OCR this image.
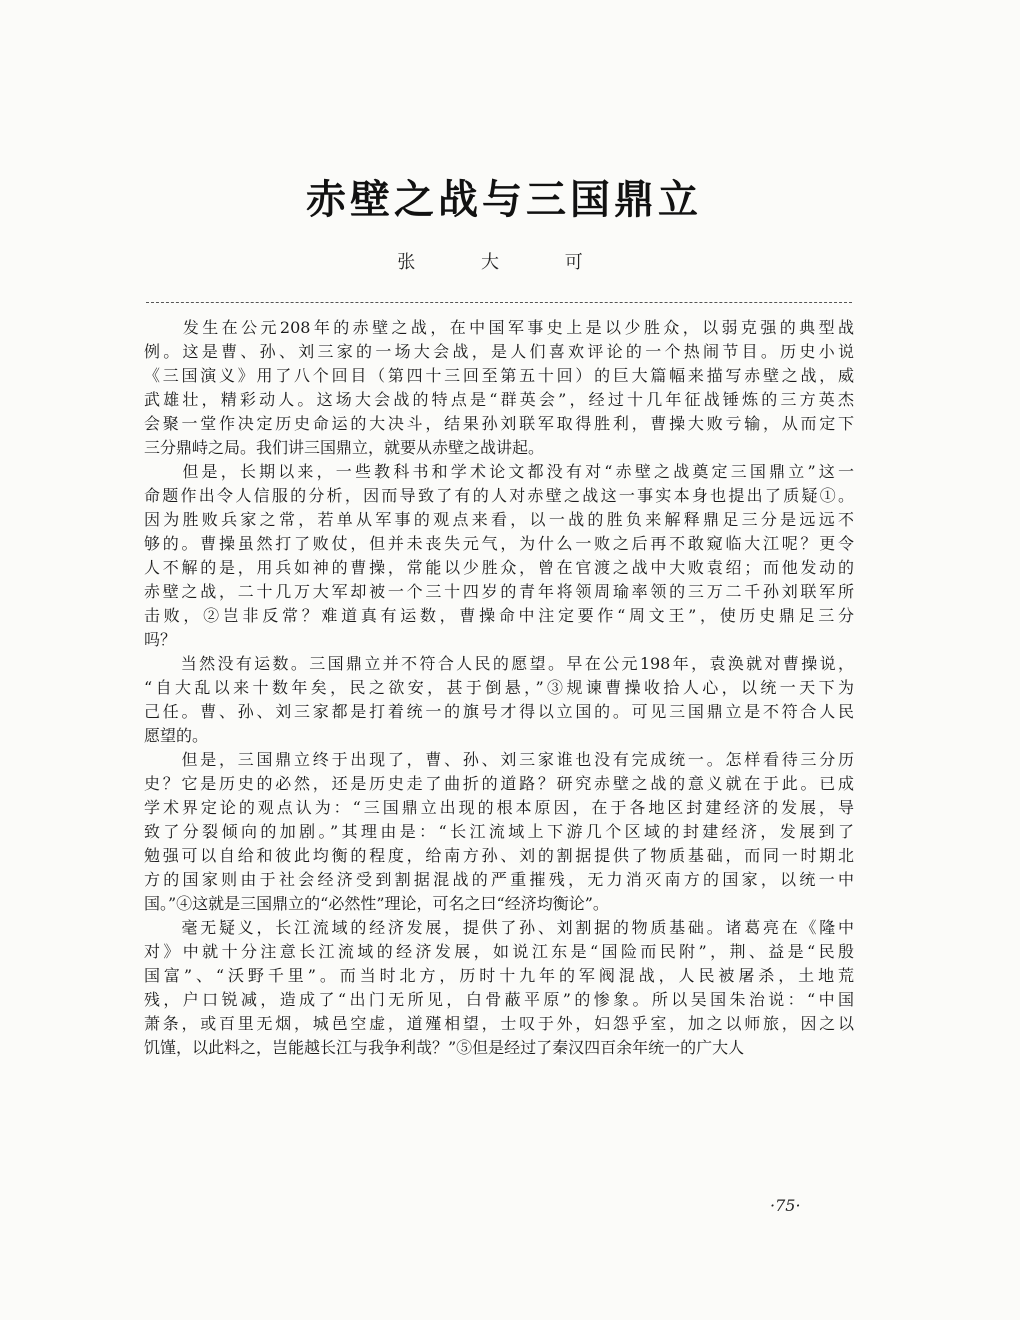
赤壁之战与三国鼎立
张 大 可
　　发生在公元208年的赤壁之战，在中国军事史上是以少胜众，以弱克强的典型战
例。这是曹、孙、刘三家的一场大会战，是人们喜欢评论的一个热闹节目。历史小说
《三国演义》用了八个回目（第四十三回至第五十回）的巨大篇幅来描写赤壁之战，威
武雄壮，精彩动人。这场大会战的特点是“群英会”，经过十几年征战锤炼的三方英杰
会聚一堂作决定历史命运的大决斗，结果孙刘联军取得胜利，曹操大败亏输，从而定下
三分鼎峙之局。我们讲三国鼎立，就要从赤壁之战讲起。
　　但是，长期以来，一些教科书和学术论文都没有对“赤壁之战奠定三国鼎立”这一
命题作出令人信服的分析，因而导致了有的人对赤壁之战这一事实本身也提出了质疑①。
因为胜败兵家之常，若单从军事的观点来看，以一战的胜负来解释鼎足三分是远远不
够的。曹操虽然打了败仗，但并未丧失元气，为什么一败之后再不敢窥临大江呢？更令
人不解的是，用兵如神的曹操，常能以少胜众，曾在官渡之战中大败袁绍；而他发动的
赤壁之战，二十几万大军却被一个三十四岁的青年将领周瑜率领的三万二千孙刘联军所
击败，②岂非反常？难道真有运数，曹操命中注定要作“周文王”，使历史鼎足三分
吗？
　　当然没有运数。三国鼎立并不符合人民的愿望。早在公元198年，袁涣就对曹操说，
“自大乱以来十数年矣，民之欲安，甚于倒悬，”③规谏曹操收拾人心，以统一天下为
己任。曹、孙、刘三家都是打着统一的旗号才得以立国的。可见三国鼎立是不符合人民
愿望的。
　　但是，三国鼎立终于出现了，曹、孙、刘三家谁也没有完成统一。怎样看待三分历
史？它是历史的必然，还是历史走了曲折的道路？研究赤壁之战的意义就在于此。已成
学术界定论的观点认为：“三国鼎立出现的根本原因，在于各地区封建经济的发展，导
致了分裂倾向的加剧。”其理由是：“长江流域上下游几个区域的封建经济，发展到了
勉强可以自给和彼此均衡的程度，给南方孙、刘的割据提供了物质基础，而同一时期北
方的国家则由于社会经济受到割据混战的严重摧残，无力消灭南方的国家，以统一中
国。”④这就是三国鼎立的“必然性”理论，可名之曰“经济均衡论”。
　　毫无疑义，长江流域的经济发展，提供了孙、刘割据的物质基础。诸葛亮在《隆中
对》中就十分注意长江流域的经济发展，如说江东是“国险而民附”，荆、益是“民殷
国富”、“沃野千里”。而当时北方，历时十九年的军阀混战，人民被屠杀，土地荒
残，户口锐减，造成了“出门无所见，白骨蔽平原”的惨象。所以吴国朱治说：“中国
萧条，或百里无烟，城邑空虚，道殣相望，士叹于外，妇怨乎室，加之以师旅，因之以
饥馑，以此料之，岂能越长江与我争利哉？”⑤但是经过了秦汉四百余年统一的广大人
·75·
